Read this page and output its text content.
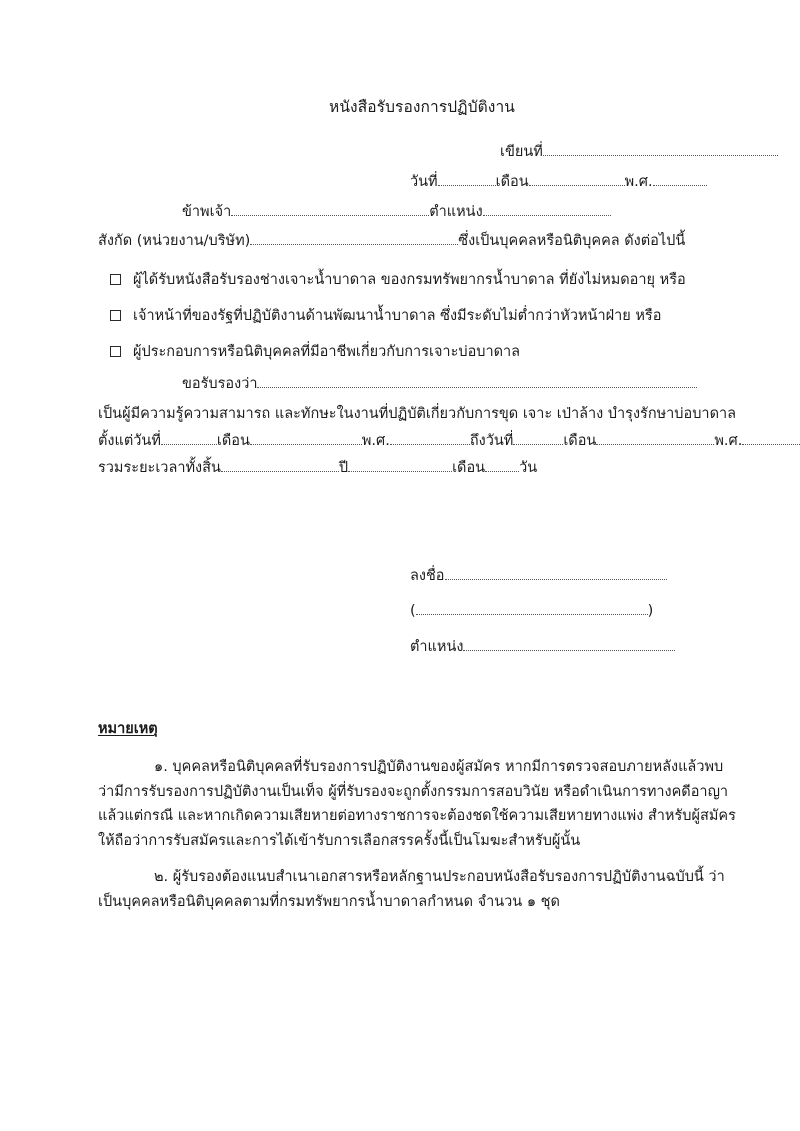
หนังสือรับรองการปฏิบัติงาน
เขียนที่
วันที่	เดือน	พ.ศ.
ข้าพเจ้า	ตำแหน่ง
สังกัด (หน่วยงาน/บริษัท)	ซึ่งเป็นบุคคลหรือนิติบุคคล ดังต่อไปนี้
ผู้ได้รับหนังสือรับรองช่างเจาะน้ำบาดาล ของกรมทรัพยากรน้ำบาดาล ที่ยังไม่หมดอายุ หรือ
เจ้าหน้าที่ของรัฐที่ปฏิบัติงานด้านพัฒนาน้ำบาดาล ซึ่งมีระดับไม่ต่ำกว่าหัวหน้าฝ่าย หรือ
ผู้ประกอบการหรือนิติบุคคลที่มีอาชีพเกี่ยวกับการเจาะบ่อบาดาล
ขอรับรองว่า
เป็นผู้มีความรู้ความสามารถ และทักษะในงานที่ปฏิบัติเกี่ยวกับการขุด เจาะ เป่าล้าง บำรุงรักษาบ่อบาดาล
ตั้งแต่วันที่	เดือน	พ.ศ.	ถึงวันที่	เดือน	พ.ศ.
รวมระยะเวลาทั้งสิ้น	ปี	เดือน วัน
ลงชื่อ
(	)
ตำแหน่ง
หมายเหตุ

๑. บุคคลหรือนิติบุคคลที่รับรองการปฏิบัติงานของผู้สมัคร หากมีการตรวจสอบภายหลังแล้วพบว่ามีการรับรองการปฏิบัติงานเป็นเท็จ ผู้ที่รับรองจะถูกตั้งกรรมการสอบวินัย หรือดำเนินการทางคดีอาญา แล้วแต่กรณี และหากเกิดความเสียหายต่อทางราชการจะต้องชดใช้ความเสียหายทางแพ่ง สำหรับผู้สมัครให้ถือว่าการรับสมัครและการได้เข้ารับการเลือกสรรครั้งนี้เป็นโมฆะสำหรับผู้นั้น

๒. ผู้รับรองต้องแนบสำเนาเอกสารหรือหลักฐานประกอบหนังสือรับรองการปฏิบัติงานฉบับนี้ ว่าเป็นบุคคลหรือนิติบุคคลตามที่กรมทรัพยากรน้ำบาดาลกำหนด จำนวน ๑ ชุด
